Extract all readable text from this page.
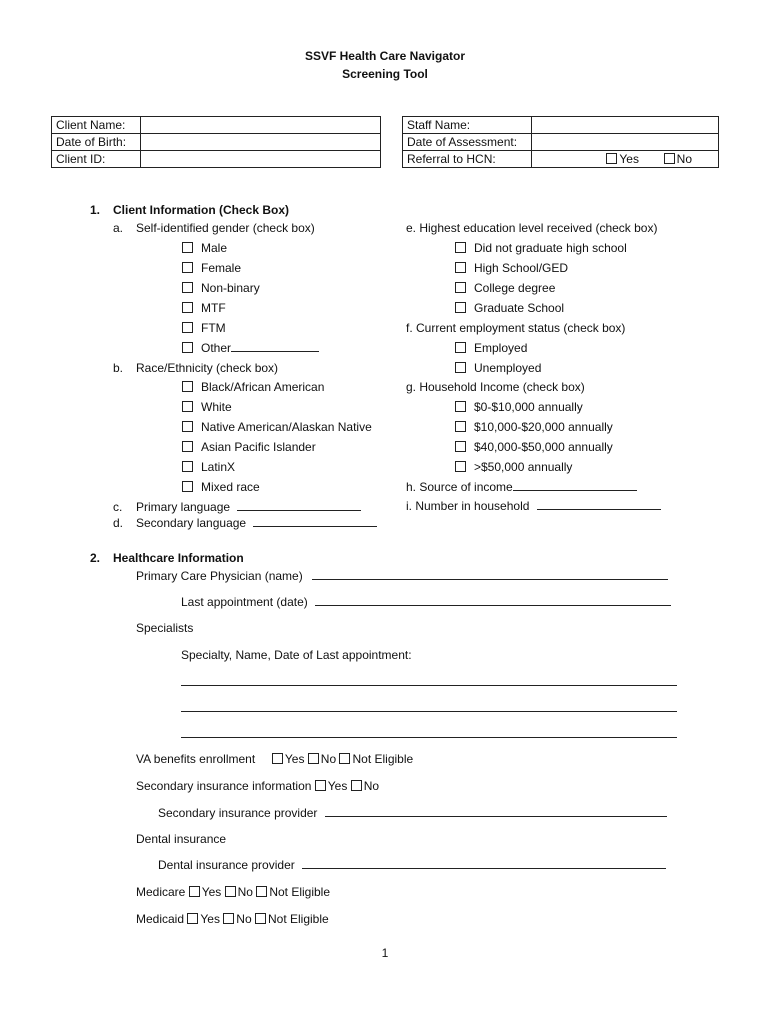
SSVF Health Care Navigator
Screening Tool
Client Name:	
Date of Birth:	
Client ID:	
Staff Name:	
Date of Assessment:	
Referral to HCN:	Yes No
1. Client Information (Check Box)
a. Self-identified gender (check box)
Male
Female
Non-binary
MTF
FTM
Other
b. Race/Ethnicity (check box)
Black/African American
White
Native American/Alaskan Native
Asian Pacific Islander
LatinX
Mixed race
c. Primary language
d. Secondary language
e. Highest education level received (check box)
Did not graduate high school
High School/GED
College degree
Graduate School
f. Current employment status (check box)
Employed
Unemployed
g. Household Income (check box)
$0-$10,000 annually
$10,000-$20,000 annually
$40,000-$50,000 annually
>$50,000 annually
h. Source of income
i. Number in household
2. Healthcare Information
Primary Care Physician (name)
Last appointment (date)
Specialists
Specialty, Name, Date of Last appointment:
VA benefits enrollment Yes No Not Eligible
Secondary insurance information Yes No
Secondary insurance provider
Dental insurance
Dental insurance provider
Medicare Yes No Not Eligible
Medicaid Yes No Not Eligible
1
